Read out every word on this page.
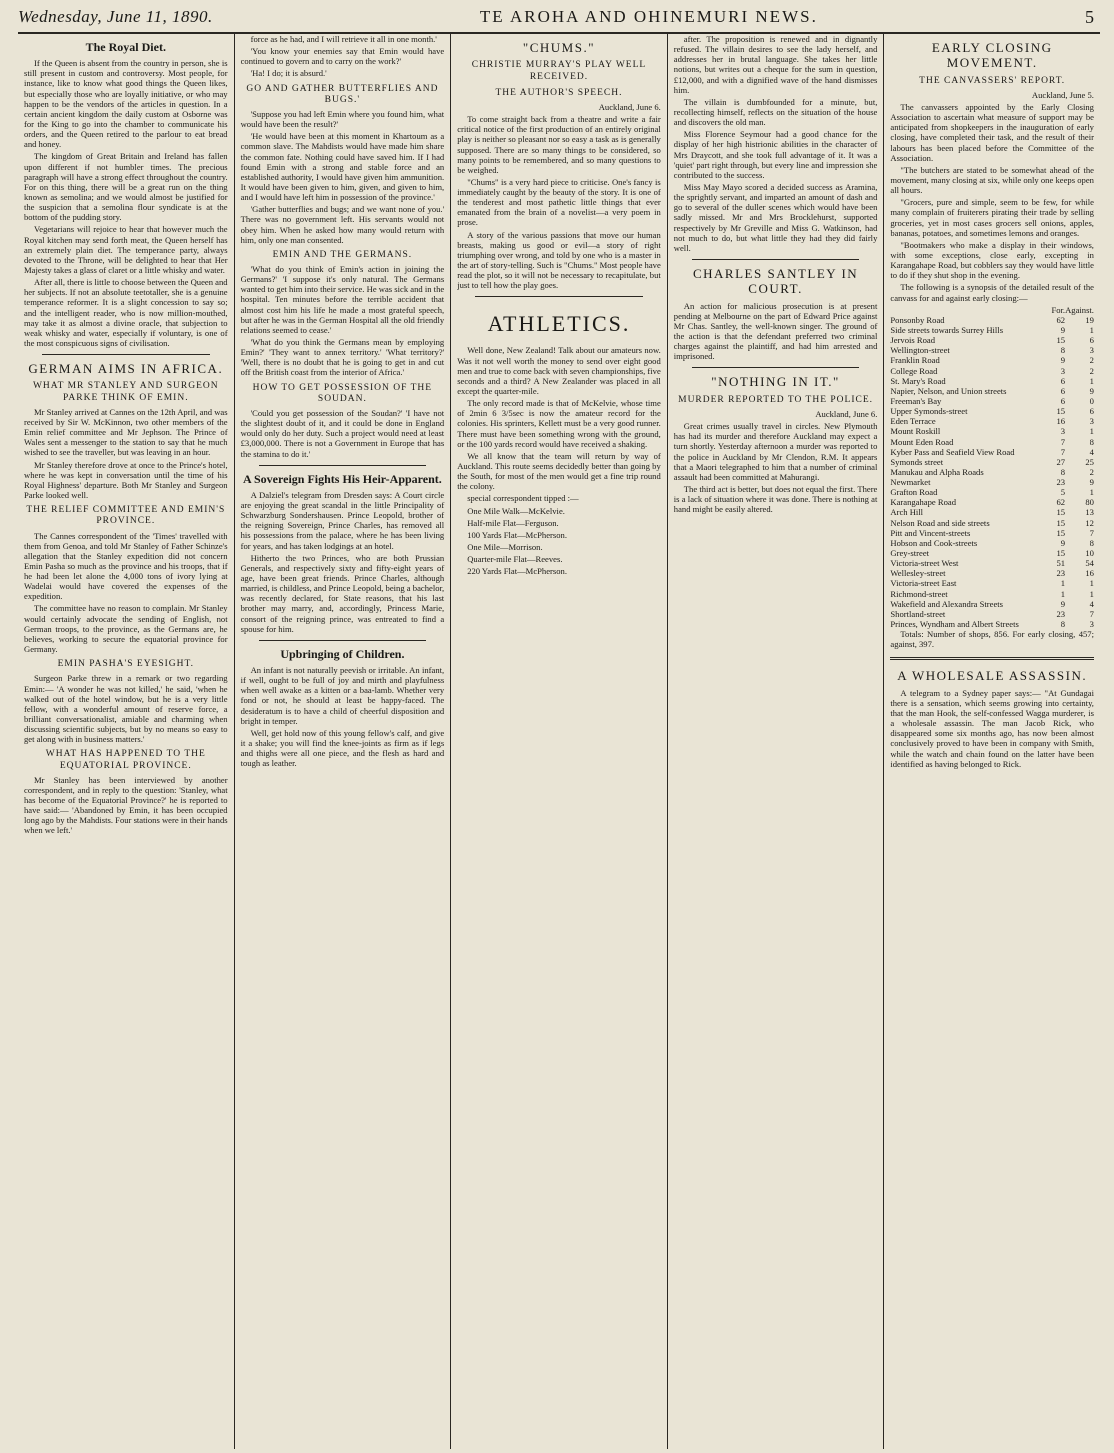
Wednesday, June 11, 1890.	TE AROHA AND OHINEMURI NEWS.	5
The Royal Diet.

If the Queen is absent from the country in person, she is still present in custom and controversy. Most people, for instance, like to know what good things the Queen likes, but especially those who are loyally initiative, or who may happen to be the vendors of the articles in question. In a certain ancient kingdom the daily custom at Osborne was for the King to go into the chamber to communicate his orders, and the Queen retired to the parlour to eat bread and honey.

The kingdom of Great Britain and Ireland has fallen upon different if not humbler times. The precious paragraph will have a strong effect throughout the country. For on this thing, there will be a great run on the thing known as semolina; and we would almost be justified for the suspicion that a semolina flour syndicate is at the bottom of the pudding story.

Vegetarians will rejoice to hear that however much the Royal kitchen may send forth meat, the Queen herself has an extremely plain diet. The temperance party, always devoted to the Throne, will be delighted to hear that Her Majesty takes a glass of claret or a little whisky and water.

After all, there is little to choose between the Queen and her subjects. If not an absolute teetotaller, she is a genuine temperance reformer. It is a slight concession to say so; and the intelligent reader, who is now million-mouthed, may take it as almost a divine oracle, that subjection to weak whisky and water, especially if voluntary, is one of the most conspicuous signs of civilisation.

GERMAN AIMS IN AFRICA.
WHAT MR STANLEY AND SURGEON PARKE THINK OF EMIN.

Mr Stanley arrived at Cannes on the 12th April, and was received by Sir W. McKinnon, two other members of the Emin relief committee and Mr Jephson. The Prince of Wales sent a messenger to the station to say that he much wished to see the traveller, but was leaving in an hour.

Mr Stanley therefore drove at once to the Prince's hotel, where he was kept in conversation until the time of his Royal Highness' departure. Both Mr Stanley and Surgeon Parke looked well.

THE RELIEF COMMITTEE AND EMIN'S PROVINCE.

The Cannes correspondent of the 'Times' travelled with them from Genoa, and told Mr Stanley of Father Schinze's allegation that the Stanley expedition did not concern Emin Pasha so much as the province and his troops, that if he had been let alone the 4,000 tons of ivory lying at Wadelai would have covered the expenses of the expedition.

The committee have no reason to complain. Mr Stanley would certainly advocate the sending of English, not German troops, to the province, as the Germans are, he believes, working to secure the equatorial province for Germany.

EMIN PASHA'S EYESIGHT.

Surgeon Parke threw in a remark or two regarding Emin:— 'A wonder he was not killed,' he said, 'when he walked out of the hotel window, but he is a very little fellow, with a wonderful amount of reserve force, a brilliant conversationalist, amiable and charming when discussing scientific subjects, but by no means so easy to get along with in business matters.'

WHAT HAS HAPPENED TO THE EQUATORIAL PROVINCE.

Mr Stanley has been interviewed by another correspondent, and in reply to the question: 'Stanley, what has become of the Equatorial Province?' he is reported to have said:— 'Abandoned by Emin, it has been occupied long ago by the Mahdists. Four stations were in their hands when we left.'

force as he had, and I will retrieve it all in one month.'

'You know your enemies say that Emin would have continued to govern and to carry on the work?'

'Ha! I do; it is absurd.'

GO AND GATHER BUTTERFLIES AND BUGS.'

'Suppose you had left Emin where you found him, what would have been the result?'

'He would have been at this moment in Khartoum as a common slave. The Mahdists would have made him share the common fate. Nothing could have saved him. If I had found Emin with a strong and stable force and an established authority, I would have given him ammunition. It would have been given to him, given, and given to him, and I would have left him in possession of the province.'

'Gather butterflies and bugs; and we want none of you.' There was no government left. His servants would not obey him. When he asked how many would return with him, only one man consented.

EMIN AND THE GERMANS.

'What do you think of Emin's action in joining the Germans?' 'I suppose it's only natural. The Germans wanted to get him into their service. He was sick and in the hospital. Ten minutes before the terrible accident that almost cost him his life he made a most grateful speech, but after he was in the German Hospital all the old friendly relations seemed to cease.'

'What do you think the Germans mean by employing Emin?' 'They want to annex territory.' 'What territory?' 'Well, there is no doubt that he is going to get in and cut off the British coast from the interior of Africa.'

HOW TO GET POSSESSION OF THE SOUDAN.

'Could you get possession of the Soudan?' 'I have not the slightest doubt of it, and it could be done in England would only do her duty. Such a project would need at least £3,000,000. There is not a Government in Europe that has the stamina to do it.'

A Sovereign Fights His Heir-Apparent.

A Dalziel's telegram from Dresden says: A Court circle are enjoying the great scandal in the little Principality of Schwarzburg Sondershausen. Prince Leopold, brother of the reigning Sovereign, Prince Charles, has removed all his possessions from the palace, where he has been living for years, and has taken lodgings at an hotel.

Hitherto the two Princes, who are both Prussian Generals, and respectively sixty and fifty-eight years of age, have been great friends. Prince Charles, although married, is childless, and Prince Leopold, being a bachelor, was recently declared, for State reasons, that his last brother may marry, and, accordingly, Princess Marie, consort of the reigning prince, was entreated to find a spouse for him.

Upbringing of Children.

An infant is not naturally peevish or irritable. An infant, if well, ought to be full of joy and mirth and playfulness when well awake as a kitten or a baa-lamb. Whether very fond or not, he should at least be happy-faced. The desideratum is to have a child of cheerful disposition and bright in temper.

Well, get hold now of this young fellow's calf, and give it a shake; you will find the knee-joints as firm as if legs and thighs were all one piece, and the flesh as hard and tough as leather.

"CHUMS."
CHRISTIE MURRAY'S PLAY WELL RECEIVED.
THE AUTHOR'S SPEECH.

Auckland, June 6.

To come straight back from a theatre and write a fair critical notice of the first production of an entirely original play is neither so pleasant nor so easy a task as is generally supposed. There are so many things to be considered, so many points to be remembered, and so many questions to be weighed.

"Chums" is a very hard piece to criticise. One's fancy is immediately caught by the beauty of the story. It is one of the tenderest and most pathetic little things that ever emanated from the brain of a novelist—a very poem in prose.

A story of the various passions that move our human breasts, making us good or evil—a story of right triumphing over wrong, and told by one who is a master in the art of story-telling. Such is "Chums." Most people have read the plot, so it will not be necessary to recapitulate, but just to tell how the play goes.

ATHLETICS.

Well done, New Zealand! Talk about our amateurs now. Was it not well worth the money to send over eight good men and true to come back with seven championships, five seconds and a third? A New Zealander was placed in all except the quarter-mile.

The only record made is that of McKelvie, whose time of 2min 6 3/5sec is now the amateur record for the colonies. His sprinters, Kellett must be a very good runner. There must have been something wrong with the ground, or the 100 yards record would have received a shaking.

We all know that the team will return by way of Auckland. This route seems decidedly better than going by the South, for most of the men would get a fine trip round the colony.

special correspondent tipped :—

One Mile Walk—McKelvie.

Half-mile Flat—Ferguson.

100 Yards Flat—McPherson.

One Mile—Morrison.

Quarter-mile Flat—Reeves.

220 Yards Flat—McPherson.

after. The proposition is renewed and in dignantly refused. The villain desires to see the lady herself, and addresses her in brutal language. She takes her little notions, but writes out a cheque for the sum in question, £12,000, and with a dignified wave of the hand dismisses him.

The villain is dumbfounded for a minute, but, recollecting himself, reflects on the situation of the house and discovers the old man.

Miss Florence Seymour had a good chance for the display of her high histrionic abilities in the character of Mrs Draycott, and she took full advantage of it. It was a 'quiet' part right through, but every line and impression she contributed to the success.

Miss May Mayo scored a decided success as Aramina, the sprightly servant, and imparted an amount of dash and go to several of the duller scenes which would have been sadly missed. Mr and Mrs Brocklehurst, supported respectively by Mr Greville and Miss G. Watkinson, had not much to do, but what little they had they did fairly well.

CHARLES SANTLEY IN COURT.

An action for malicious prosecution is at present pending at Melbourne on the part of Edward Price against Mr Chas. Santley, the well-known singer. The ground of the action is that the defendant preferred two criminal charges against the plaintiff, and had him arrested and imprisoned.

"NOTHING IN IT."
MURDER REPORTED TO THE POLICE.

Auckland, June 6.

Great crimes usually travel in circles. New Plymouth has had its murder and therefore Auckland may expect a turn shortly. Yesterday afternoon a murder was reported to the police in Auckland by Mr Clendon, R.M. It appears that a Maori telegraphed to him that a number of criminal assault had been committed at Mahurangi.

The third act is better, but does not equal the first. There is a lack of situation where it was done. There is nothing at hand might be easily altered.

EARLY CLOSING MOVEMENT.
THE CANVASSERS' REPORT.

Auckland, June 5.

The canvassers appointed by the Early Closing Association to ascertain what measure of support may be anticipated from shopkeepers in the inauguration of early closing, have completed their task, and the result of their labours has been placed before the Committee of the Association.

"The butchers are stated to be somewhat ahead of the movement, many closing at six, while only one keeps open all hours.

"Grocers, pure and simple, seem to be few, for while many complain of fruiterers pirating their trade by selling groceries, yet in most cases grocers sell onions, apples, bananas, potatoes, and sometimes lemons and oranges.

"Bootmakers who make a display in their windows, with some exceptions, close early, excepting in Karangahape Road, but cobblers say they would have little to do if they shut shop in the evening.

The following is a synopsis of the detailed result of the canvass for and against early closing:—

	For.	Against.
Ponsonby Road	62	19
Side streets towards Surrey Hills	9	1
Jervois Road	15	6
Wellington-street	8	3
Franklin Road	9	2
College Road	3	2
St. Mary's Road	6	1
Napier, Nelson, and Union streets	6	9
Freeman's Bay	6	0
Upper Symonds-street	15	6
Eden Terrace	16	3
Mount Roskill	3	1
Mount Eden Road	7	8
Kyber Pass and Seafield View Road	7	4
Symonds street	27	25
Manukau and Alpha Roads	8	2
Newmarket	23	9
Grafton Road	5	1
Karangahape Road	62	80
Arch Hill	15	13
Nelson Road and side streets	15	12
Pitt and Vincent-streets	15	7
Hobson and Cook-streets	9	8
Grey-street	15	10
Victoria-street West	51	54
Wellesley-street	23	16
Victoria-street East	1	1
Richmond-street	1	1
Wakefield and Alexandra Streets	9	4
Shortland-street	23	7
Princes, Wyndham and Albert Streets	8	3

Totals: Number of shops, 856. For early closing, 457; against, 397.

A WHOLESALE ASSASSIN.

A telegram to a Sydney paper says:— "At Gundagai there is a sensation, which seems growing into certainty, that the man Hook, the self-confessed Wagga murderer, is a wholesale assassin. The man Jacob Rick, who disappeared some six months ago, has now been almost conclusively proved to have been in company with Smith, while the watch and chain found on the latter have been identified as having belonged to Rick.
